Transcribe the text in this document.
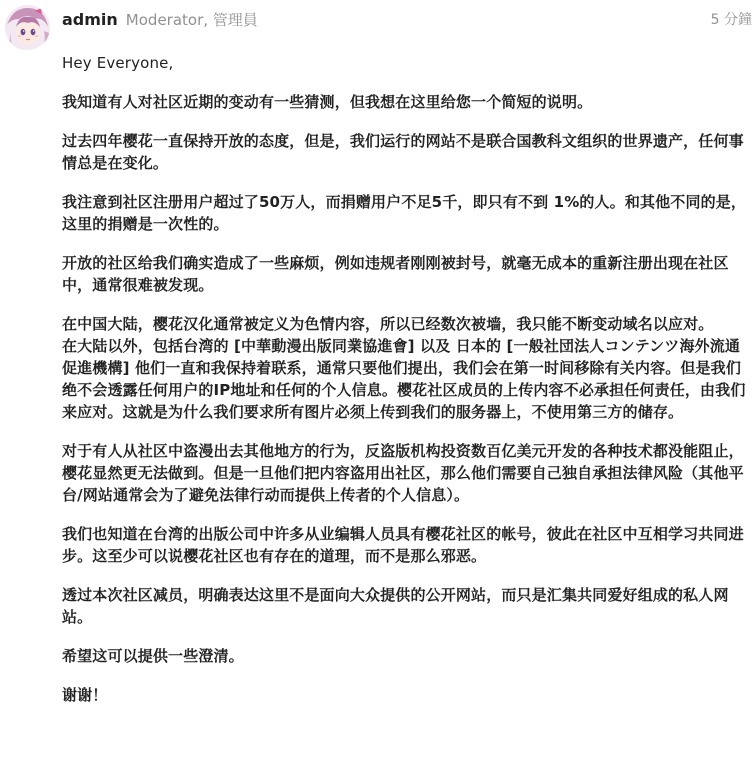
admin Moderator, 管理員	5 分鐘

Hey Everyone,

我知道有人对社区近期的变动有一些猜测，但我想在这里给您一个简短的说明。

过去四年樱花一直保持开放的态度，但是，我们运行的网站不是联合国教科文组织的世界遗产，任何事情总是在变化。

我注意到社区注册用户超过了50万人，而捐赠用户不足5千，即只有不到 1%的人。和其他不同的是，这里的捐赠是一次性的。

开放的社区给我们确实造成了一些麻烦，例如违规者刚刚被封号，就毫无成本的重新注册出现在社区中，通常很难被发现。

在中国大陆，樱花汉化通常被定义为色情内容，所以已经数次被墙，我只能不断变动域名以应对。

在大陆以外，包括台湾的 [中華動漫出版同業協進會] 以及 日本的 [一般社団法人コンテンツ海外流通促進機構] 他们一直和我保持着联系，通常只要他们提出，我们会在第一时间移除有关内容。但是我们绝不会透露任何用户的IP地址和任何的个人信息。樱花社区成员的上传内容不必承担任何责任，由我们来应对。这就是为什么我们要求所有图片必须上传到我们的服务器上，不使用第三方的储存。

对于有人从社区中盗漫出去其他地方的行为，反盗版机构投资数百亿美元开发的各种技术都没能阻止，樱花显然更无法做到。但是一旦他们把内容盗用出社区，那么他们需要自己独自承担法律风险（其他平台/网站通常会为了避免法律行动而提供上传者的个人信息）。

我们也知道在台湾的出版公司中许多从业编辑人员具有樱花社区的帐号，彼此在社区中互相学习共同进步。这至少可以说樱花社区也有存在的道理，而不是那么邪恶。

透过本次社区减员，明确表达这里不是面向大众提供的公开网站，而只是汇集共同爱好组成的私人网站。

希望这可以提供一些澄清。

谢谢！
